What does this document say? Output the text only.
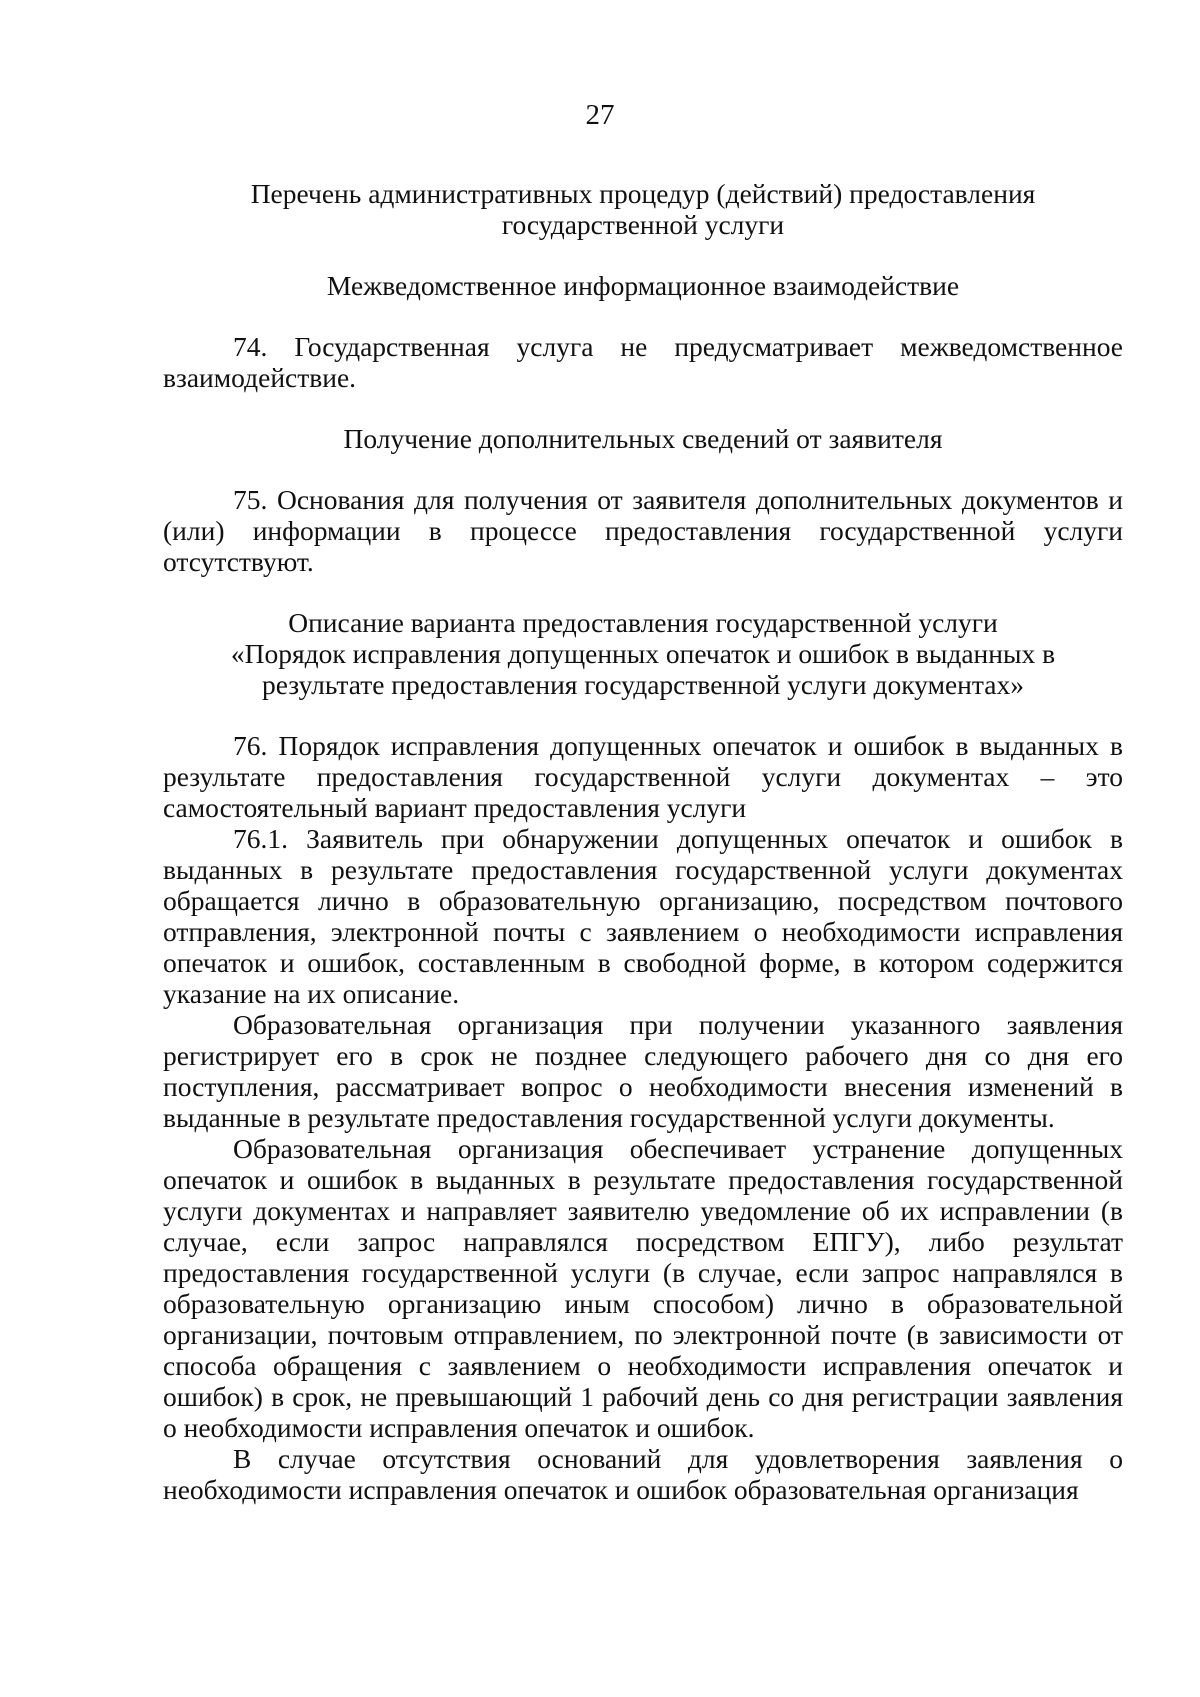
27

Перечень административных процедур (действий) предоставления
государственной услуги

Межведомственное информационное взаимодействие

74. Государственная услуга не предусматривает межведомственное взаимодействие.

Получение дополнительных сведений от заявителя

75. Основания для получения от заявителя дополнительных документов и (или) информации в процессе предоставления государственной услуги отсутствуют.

Описание варианта предоставления государственной услуги
«Порядок исправления допущенных опечаток и ошибок в выданных в
результате предоставления государственной услуги документах»

76. Порядок исправления допущенных опечаток и ошибок в выданных в результате предоставления государственной услуги документах – это самостоятельный вариант предоставления услуги

76.1. Заявитель при обнаружении допущенных опечаток и ошибок в выданных в результате предоставления государственной услуги документах обращается лично в образовательную организацию, посредством почтового отправления, электронной почты с заявлением о необходимости исправления опечаток и ошибок, составленным в свободной форме, в котором содержится указание на их описание.

Образовательная организация при получении указанного заявления регистрирует его в срок не позднее следующего рабочего дня со дня его поступления, рассматривает вопрос о необходимости внесения изменений в выданные в результате предоставления государственной услуги документы.

Образовательная организация обеспечивает устранение допущенных опечаток и ошибок в выданных в результате предоставления государственной услуги документах и направляет заявителю уведомление об их исправлении (в случае, если запрос направлялся посредством ЕПГУ), либо результат предоставления государственной услуги (в случае, если запрос направлялся в образовательную организацию иным способом) лично в образовательной организации, почтовым отправлением, по электронной почте (в зависимости от способа обращения с заявлением о необходимости исправления опечаток и ошибок) в срок, не превышающий 1 рабочий день со дня регистрации заявления о необходимости исправления опечаток и ошибок.

В случае отсутствия оснований для удовлетворения заявления о необходимости исправления опечаток и ошибок образовательная организация
